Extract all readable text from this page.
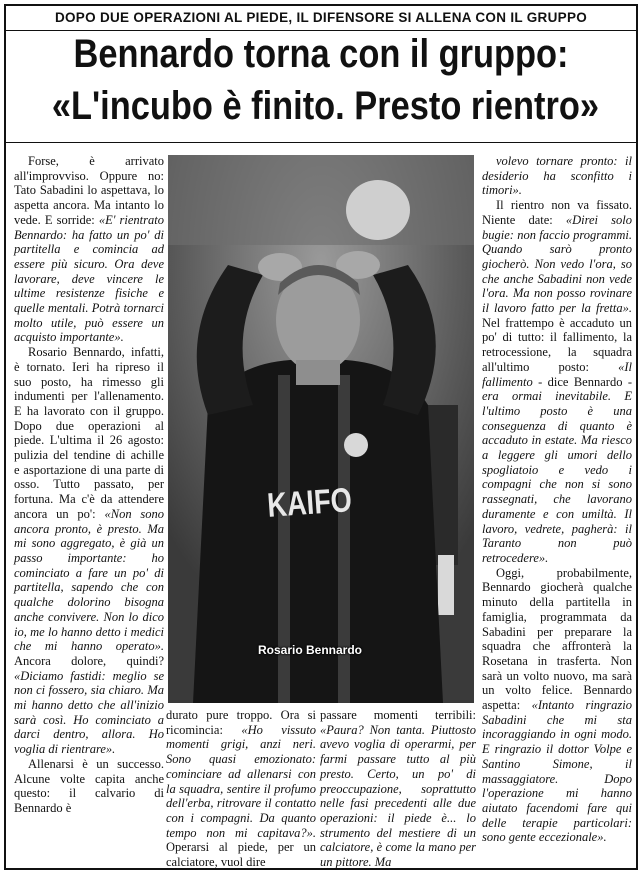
DOPO DUE OPERAZIONI AL PIEDE, IL DIFENSORE SI ALLENA CON IL GRUPPO
Bennardo torna con il gruppo:
«L'incubo è finito. Presto rientro»

Forse, è arrivato all'improvviso. Oppure no: Tato Sabadini lo aspettava, lo aspetta ancora. Ma intanto lo vede. E sorride: «E' rientrato Bennardo: ha fatto un po' di partitella e comincia ad essere più sicuro. Ora deve lavorare, deve vincere le ultime resistenze fisiche e quelle mentali. Potrà tornarci molto utile, può essere un acquisto importante».

Rosario Bennardo, infatti, è tornato. Ieri ha ripreso il suo posto, ha rimesso gli indumenti per l'allenamento. E ha lavorato con il gruppo. Dopo due operazioni al piede. L'ultima il 26 agosto: pulizia del tendine di achille e asportazione di una parte di osso. Tutto passato, per fortuna. Ma c'è da attendere ancora un po': «Non sono ancora pronto, è presto. Ma mi sono aggregato, è già un passo importante: ho cominciato a fare un po' di partitella, sapendo che con qualche dolorino bisogna anche convivere. Non lo dico io, me lo hanno detto i medici che mi hanno operato». Ancora dolore, quindi? «Diciamo fastidi: meglio se non ci fossero, sia chiaro. Ma mi hanno detto che all'inizio sarà così. Ho cominciato a darci dentro, allora. Ho voglia di rientrare».

Allenarsi è un successo. Alcune volte capita anche questo: il calvario di Bennardo è

KAIFO
Rosario Bennardo

durato pure troppo. Ora si ricomincia: «Ho vissuto momenti grigi, anzi neri. Sono quasi emozionato: cominciare ad allenarsi con la squadra, sentire il profumo dell'erba, ritrovare il contatto con i compagni. Da quanto tempo non mi capitava?». Operarsi al piede, per un calciatore, vuol dire

passare momenti terribili: «Paura? Non tanta. Piuttosto avevo voglia di operarmi, per farmi passare tutto al più presto. Certo, un po' di preoccupazione, soprattutto nelle fasi precedenti alle due operazioni: il piede è... lo strumento del mestiere di un calciatore, è come la mano per un pittore. Ma

volevo tornare pronto: il desiderio ha sconfitto i timori».

Il rientro non va fissato. Niente date: «Direi solo bugie: non faccio programmi. Quando sarò pronto giocherò. Non vedo l'ora, so che anche Sabadini non vede l'ora. Ma non posso rovinare il lavoro fatto per la fretta». Nel frattempo è accaduto un po' di tutto: il fallimento, la retrocessione, la squadra all'ultimo posto: «Il fallimento - dice Bennardo - era ormai inevitabile. E l'ultimo posto è una conseguenza di quanto è accaduto in estate. Ma riesco a leggere gli umori dello spogliatoio e vedo i compagni che non si sono rassegnati, che lavorano duramente e con umiltà. Il lavoro, vedrete, pagherà: il Taranto non può retrocedere».

Oggi, probabilmente, Bennardo giocherà qualche minuto della partitella in famiglia, programmata da Sabadini per preparare la squadra che affronterà la Rosetana in trasferta. Non sarà un volto nuovo, ma sarà un volto felice. Bennardo aspetta: «Intanto ringrazio Sabadini che mi sta incoraggiando in ogni modo. E ringrazio il dottor Volpe e Santino Simone, il massaggiatore. Dopo l'operazione mi hanno aiutato facendomi fare qui delle terapie particolari: sono gente eccezionale».
